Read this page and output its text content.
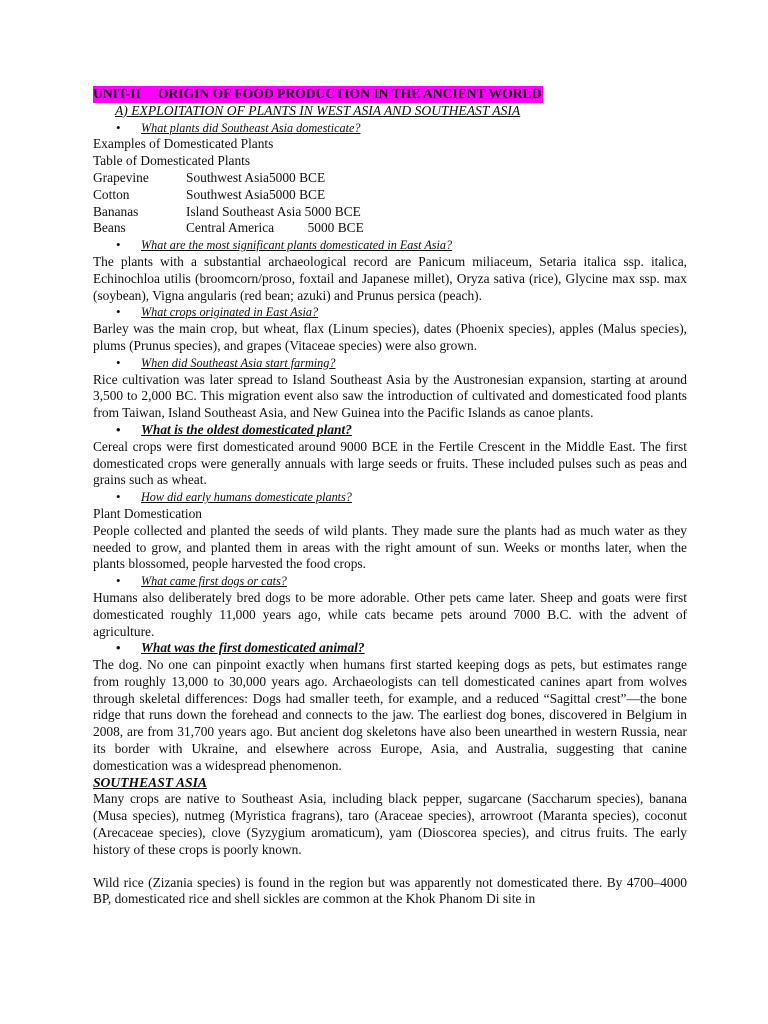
UNIT-II     ORIGIN OF FOOD PRODUCTION IN THE ANCIENT WORLD
A) EXPLOITATION OF PLANTS IN WEST ASIA AND SOUTHEAST ASIA
• What plants did Southeast Asia domesticate?
Examples of Domesticated Plants
Table of Domesticated Plants
Grapevine	Southwest Asia5000 BCE
Cotton	Southwest Asia5000 BCE
Bananas	Island Southeast Asia 5000 BCE
Beans	Central America          5000 BCE
• What are the most significant plants domesticated in East Asia?
The plants with a substantial archaeological record are Panicum miliaceum, Setaria italica ssp. italica, Echinochloa utilis (broomcorn/proso, foxtail and Japanese millet), Oryza sativa (rice), Glycine max ssp. max (soybean), Vigna angularis (red bean; azuki) and Prunus persica (peach).
• What crops originated in East Asia?
Barley was the main crop, but wheat, flax (Linum species), dates (Phoenix species), apples (Malus species), plums (Prunus species), and grapes (Vitaceae species) were also grown.
• When did Southeast Asia start farming?
Rice cultivation was later spread to Island Southeast Asia by the Austronesian expansion, starting at around 3,500 to 2,000 BC. This migration event also saw the introduction of cultivated and domesticated food plants from Taiwan, Island Southeast Asia, and New Guinea into the Pacific Islands as canoe plants.
• What is the oldest domesticated plant?
Cereal crops were first domesticated around 9000 BCE in the Fertile Crescent in the Middle East. The first domesticated crops were generally annuals with large seeds or fruits. These included pulses such as peas and grains such as wheat.
• How did early humans domesticate plants?
Plant Domestication
People collected and planted the seeds of wild plants. They made sure the plants had as much water as they needed to grow, and planted them in areas with the right amount of sun. Weeks or months later, when the plants blossomed, people harvested the food crops.
• What came first dogs or cats?
Humans also deliberately bred dogs to be more adorable. Other pets came later. Sheep and goats were first domesticated roughly 11,000 years ago, while cats became pets around 7000 B.C. with the advent of agriculture.
• What was the first domesticated animal?
The dog. No one can pinpoint exactly when humans first started keeping dogs as pets, but estimates range from roughly 13,000 to 30,000 years ago. Archaeologists can tell domesticated canines apart from wolves through skeletal differences: Dogs had smaller teeth, for example, and a reduced “Sagittal crest”—the bone ridge that runs down the forehead and connects to the jaw. The earliest dog bones, discovered in Belgium in 2008, are from 31,700 years ago. But ancient dog skeletons have also been unearthed in western Russia, near its border with Ukraine, and elsewhere across Europe, Asia, and Australia, suggesting that canine domestication was a widespread phenomenon.
SOUTHEAST ASIA
Many crops are native to Southeast Asia, including black pepper, sugarcane (Saccharum species), banana (Musa species), nutmeg (Myristica fragrans), taro (Araceae species), arrowroot (Maranta species), coconut (Arecaceae species), clove (Syzygium aromaticum), yam (Dioscorea species), and citrus fruits. The early history of these crops is poorly known.
Wild rice (Zizania species) is found in the region but was apparently not domesticated there. By 4700–4000 BP, domesticated rice and shell sickles are common at the Khok Phanom Di site in
